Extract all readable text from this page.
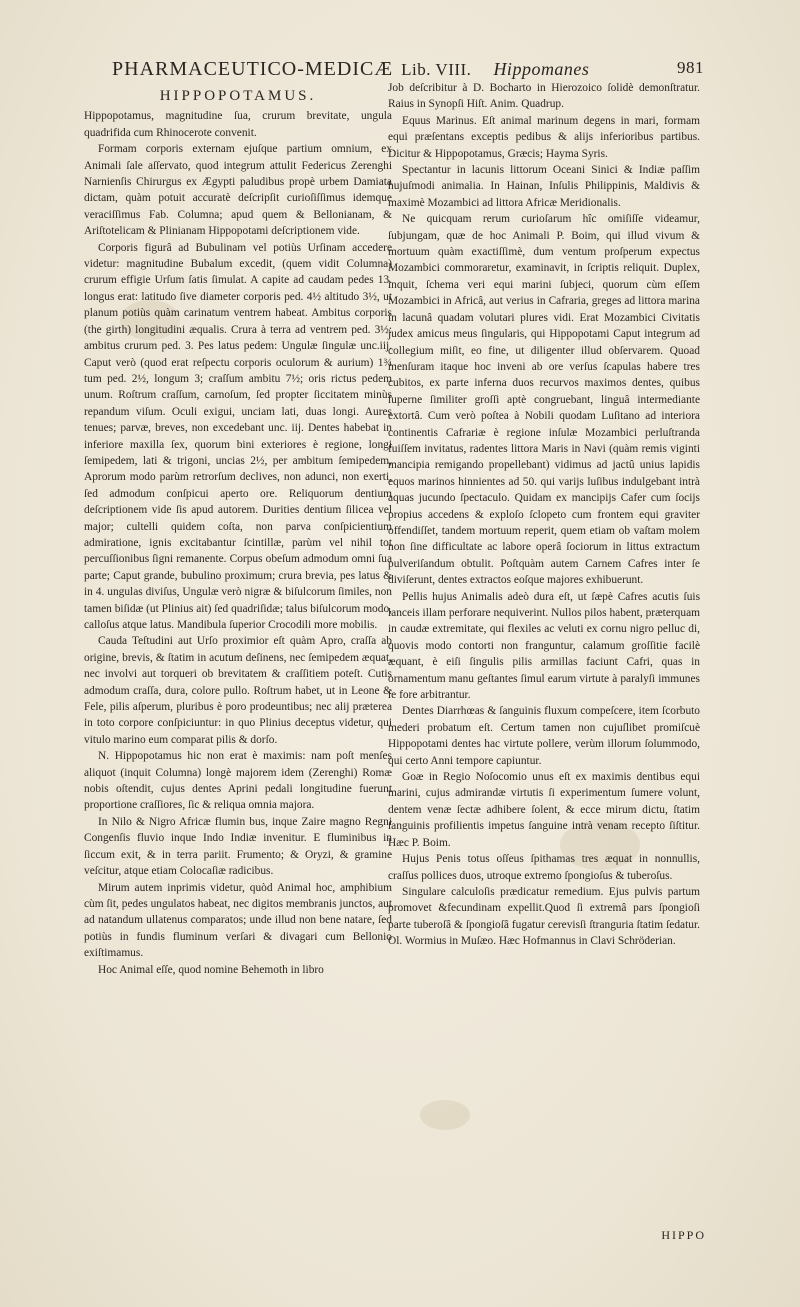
PHARMACEUTICO-MEDICÆ Lib. VIII. Hippomanes	981
HIPPOPOTAMUS.

Hippopotamus, magnitudine ſua, crurum brevitate, ungula quadrifida cum Rhinocerote convenit.

Formam corporis externam ejuſque partium omnium, ex Animali ſale aſſervato, quod integrum attulit Federicus Zerenghi Narnienſis Chirurgus ex Ægypti paludibus propè urbem Damiata dictam, quàm potuit accuratè deſcripſit curioſiſſimus idemque veraciſſimus Fab. Columna; apud quem & Bellonianam, & Ariſtotelicam & Plinianam Hippopotami deſcriptionem vide.

Corporis figurâ ad Bubulinam vel potiùs Urſinam accedere videtur: magnitudine Bubalum excedit, (quem vidit Columna) crurum effigie Urſum ſatis ſimulat. A capite ad caudam pedes 13. longus erat: latitudo ſive diameter corporis ped. 4½ altitudo 3½, ut planum potiùs quàm carinatum ventrem habeat. Ambitus corporis (the girth) longitudini æqualis. Crura à terra ad ventrem ped. 3½: ambitus crurum ped. 3. Pes latus pedem: Ungulæ ſingulæ unc.iij. Caput verò (quod erat reſpectu corporis oculorum & aurium) 1¾ tum ped. 2½, longum 3; craſſum ambitu 7½; oris rictus pedem unum. Roſtrum craſſum, carnoſum, ſed propter ſiccitatem minùs repandum viſum. Oculi exigui, unciam lati, duas longi. Aures tenues; parvæ, breves, non excedebant unc. iij. Dentes habebat in inferiore maxilla ſex, quorum bini exteriores è regione, longi ſemipedem, lati & trigoni, uncias 2½, per ambitum ſemipedem, Aprorum modo parùm retrorſum declives, non adunci, non exerti, ſed admodum conſpicui aperto ore. Reliquorum dentium deſcriptionem vide ſis apud autorem. Durities dentium ſilicea vel major; cultelli quidem coſta, non parva conſpicientium admiratione, ignis excitabantur ſcintillæ, parùm vel nihil tot percuſſionibus ſigni remanente. Corpus obeſum admodum omni ſua parte; Caput grande, bubulino proximum; crura brevia, pes latus & in 4. ungulas diviſus, Ungulæ verò nigræ & biſulcorum ſimiles, non tamen biſidæ (ut Plinius ait) ſed quadriſidæ; talus biſulcorum modo, calloſus atque latus. Mandibula ſuperior Crocodili more mobilis.

Cauda Teſtudini aut Urſo proximior eſt quàm Apro, craſſa ab origine, brevis, & ſtatim in acutum deſinens, nec ſemipedem æquat, nec involvi aut torqueri ob brevitatem & craſſitiem poteſt. Cutis admodum craſſa, dura, colore pullo. Roſtrum habet, ut in Leone & Fele, pilis aſperum, pluribus è poro prodeuntibus; nec alij præterea in toto corpore conſpiciuntur: in quo Plinius deceptus videtur, qui vitulo marino eum comparat pilis & dorſo.

N. Hippopotamus hic non erat è maximis: nam poſt menſes aliquot (inquit Columna) longè majorem idem (Zerenghi) Romæ nobis oſtendit, cujus dentes Aprini pedali longitudine fuerunt proportione craſſiores, ſic & reliqua omnia majora.

In Nilo & Nigro Africæ flumin bus, inque Zaire magno Regni Congenſis fluvio inque Indo Indiæ invenitur. E fluminibus in ſiccum exit, & in terra pariit. Frumento; & Oryzi, & gramine veſcitur, atque etiam Colocaſiæ radicibus.

Mirum autem inprimis videtur, quòd Animal hoc, amphibium cùm ſit, pedes ungulatos habeat, nec digitos membranis junctos, aut ad natandum ullatenus comparatos; unde illud non bene natare, ſed potiùs in fundis fluminum verſari & divagari cum Bellonio exiſtimamus.

Hoc Animal eſſe, quod nomine Behemoth in libro

Job deſcribitur à D. Bocharto in Hierozoico ſolidè demonſtratur. Raius in Synopſi Hiſt. Anim. Quadrup.

Equus Marinus. Eſt animal marinum degens in mari, formam equi præſentans exceptis pedibus & alijs inferioribus partibus. Dicitur & Hippopotamus, Græcis; Hayma Syris.

Spectantur in lacunis littorum Oceani Sinici & Indiæ paſſim hujuſmodi animalia. In Hainan, Inſulis Philippinis, Maldivis & maximè Mozambici ad littora Africæ Meridionalis.

Ne quicquam rerum curioſarum hîc omiſiſſe videamur, ſubjungam, quæ de hoc Animali P. Boim, qui illud vivum & mortuum quàm exactiſſimè, dum ventum proſperum expectus Mozambici commoraretur, examinavit, in ſcriptis reliquit. Duplex, inquit, ſchema veri equi marini ſubjeci, quorum cùm eſſem Mozambici in Africâ, aut verius in Cafraria, greges ad littora marina in lacunâ quadam volutari plures vidi. Erat Mozambici Civitatis judex amicus meus ſingularis, qui Hippopotami Caput integrum ad collegium miſit, eo fine, ut diligenter illud obſervarem. Quoad menſuram itaque hoc inveni ab ore verſus ſcapulas habere tres cubitos, ex parte inferna duos recurvos maximos dentes, quibus ſuperne ſimiliter groſſi aptè congruebant, linguâ intermediante extortâ. Cum verò poſtea à Nobili quodam Luſitano ad interiora continentis Cafrariæ è regione inſulæ Mozambici perluſtranda fuiſſem invitatus, radentes littora Maris in Navi (quàm remis viginti mancipia remigando propellebant) vidimus ad jactû unius lapidis equos marinos hinnientes ad 50. qui varijs luſibus indulgebant intrà aquas jucundo ſpectaculo. Quidam ex mancipijs Cafer cum ſocijs propius accedens & exploſo ſclopeto cum frontem equi graviter offendiſſet, tandem mortuum reperit, quem etiam ob vaſtam molem non ſine difficultate ac labore operâ ſociorum in littus extractum pulveriſandum obtulit. Poſtquàm autem Carnem Cafres inter ſe diviſerunt, dentes extractos eoſque majores exhibuerunt.

Pellis hujus Animalis adeò dura eſt, ut ſæpè Cafres acutis ſuis lanceis illam perforare nequiverint. Nullos pilos habent, præterquam in caudæ extremitate, qui flexiles ac veluti ex cornu nigro pelluc di, quovis modo contorti non franguntur, calamum groſſitie facilè æquant, è eiſi ſingulis pilis armillas faciunt Cafri, quas in ornamentum manu geſtantes ſimul earum virtute à paralyſi immunes ſe fore arbitrantur.

Dentes Diarrhœas & ſanguinis fluxum compeſcere, item ſcorbuto mederi probatum eſt. Certum tamen non cujuſlibet promiſcuè Hippopotami dentes hac virtute pollere, verùm illorum ſolummodo, qui certo Anni tempore capiuntur.

Goæ in Regio Noſocomio unus eſt ex maximis dentibus equi marini, cujus admirandæ virtutis ſi experimentum ſumere volunt, dentem venæ ſectæ adhibere ſolent, & ecce mirum dictu, ſtatim ſanguinis profilientis impetus ſanguine intrà venam recepto ſiſtitur. Hæc P. Boim.

Hujus Penis totus oſſeus ſpithamas tres æquat in nonnullis, craſſus pollices duos, utroque extremo ſpongioſus & tuberoſus.

Singulare calculoſis prædicatur remedium. Ejus pulvis partum promovet &fecundinam expellit.Quod ſi extremâ pars ſpongioſi parte tuberoſâ & ſpongioſâ fugatur cerevisſi ſtranguria ſtatim ſedatur. Ol. Wormius in Muſæo. Hæc Hofmannus in Clavi Schröderian.

HIPPO
